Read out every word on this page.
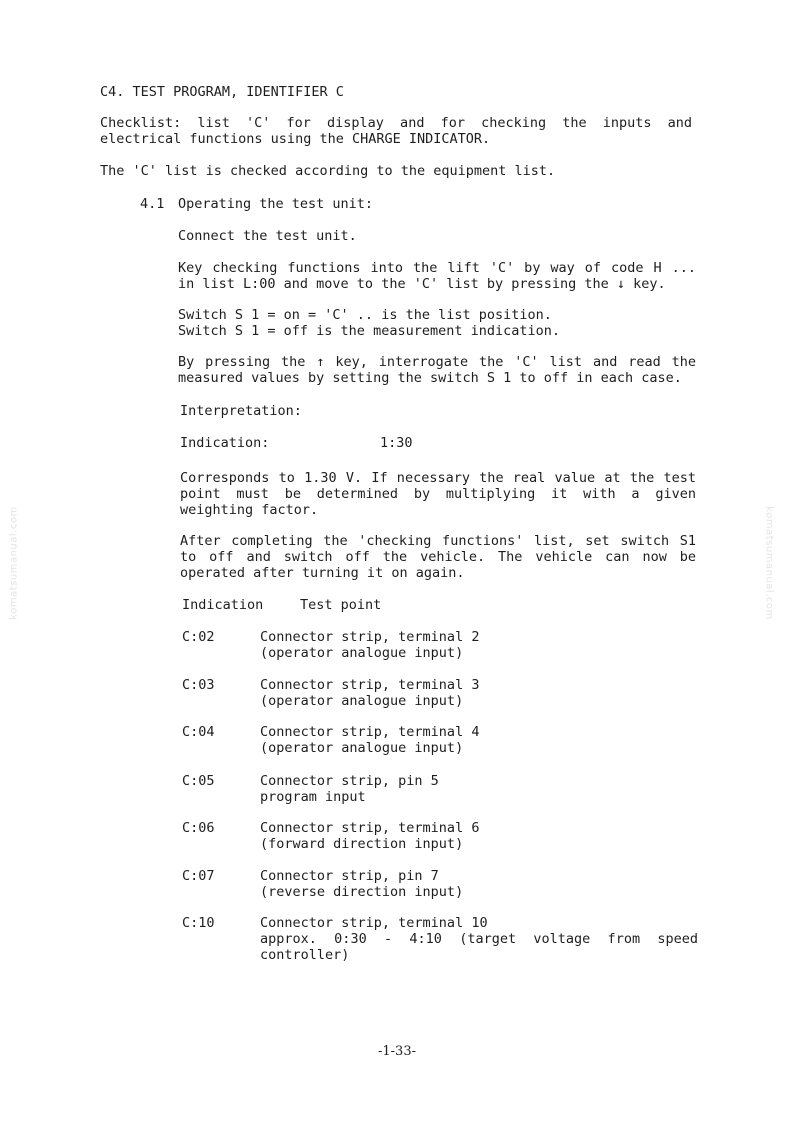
komatsumanual.com	komatsumanual.com
C4. TEST PROGRAM, IDENTIFIER C
Checklist: list 'C' for display and for checking the inputs and electrical functions using the CHARGE INDICATOR.
The 'C' list is checked according to the equipment list.
4.1 Operating the test unit:
Connect the test unit.
Key checking functions into the lift 'C' by way of code H ... in list L:00 and move to the 'C' list by pressing the ↓ key.
Switch S 1 = on = 'C' .. is the list position.
Switch S 1 = off is the measurement indication.
By pressing the ↑ key, interrogate the 'C' list and read the measured values by setting the switch S 1 to off in each case.
Interpretation:
Indication:	1:30
Corresponds to 1.30 V. If necessary the real value at the test point must be determined by multiplying it with a given weighting factor.
After completing the 'checking functions' list, set switch S1 to off and switch off the vehicle. The vehicle can now be operated after turning it on again.
Indication	Test point
C:02	Connector strip, terminal 2
(operator analogue input)
C:03	Connector strip, terminal 3
(operator analogue input)
C:04	Connector strip, terminal 4
(operator analogue input)
C:05	Connector strip, pin 5
program input
C:06	Connector strip, terminal 6
(forward direction input)
C:07	Connector strip, pin 7
(reverse direction input)
C:10	Connector strip, terminal 10
approx. 0:30 - 4:10 (target voltage from speed controller)
-1-33-
